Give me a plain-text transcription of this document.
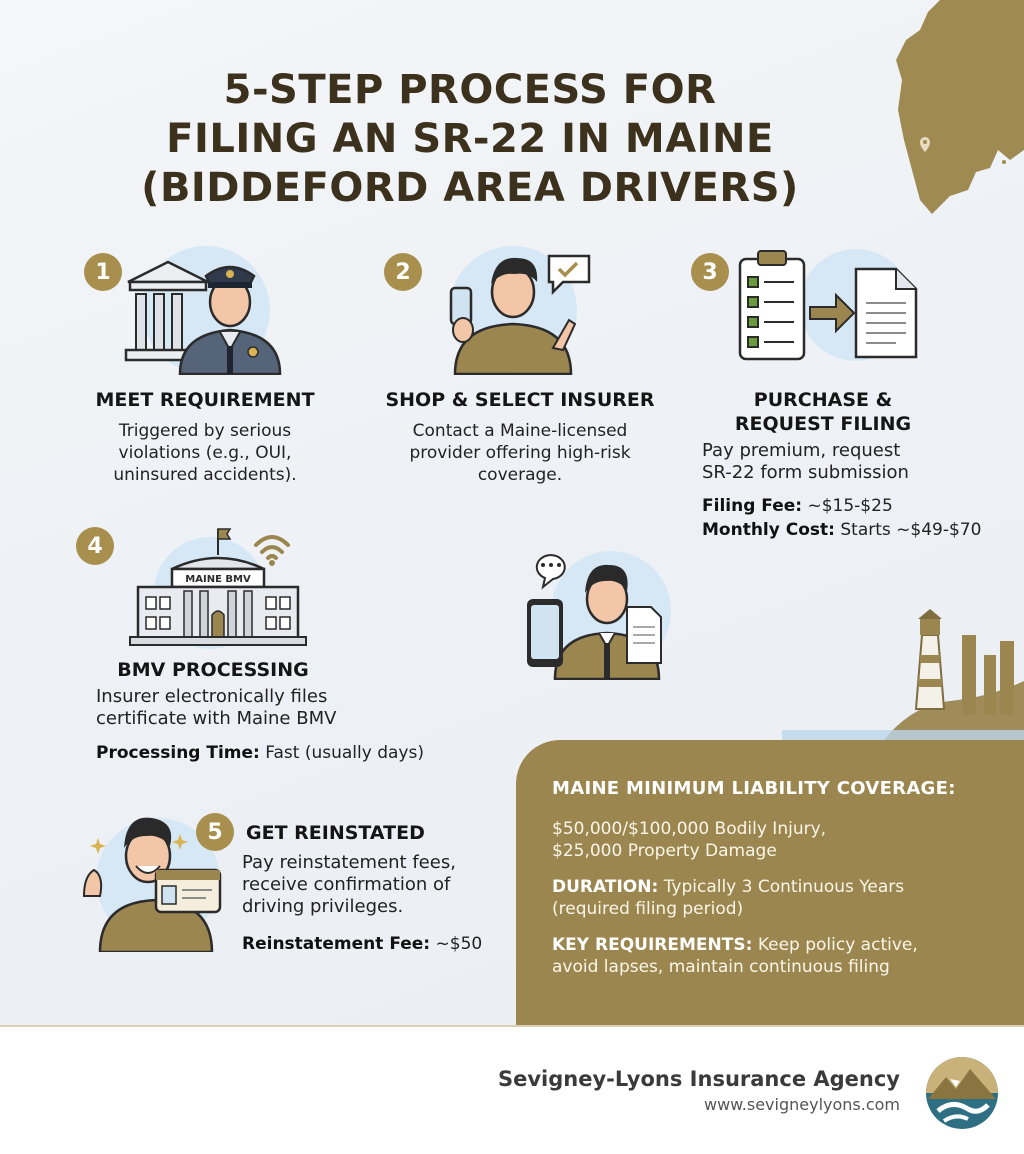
5-STEP PROCESS FOR
FILING AN SR-22 IN MAINE
(BIDDEFORD AREA DRIVERS)
1
MEET REQUIREMENT
Triggered by serious
violations (e.g., OUI,
uninsured accidents).
2
SHOP & SELECT INSURER
Contact a Maine-licensed
provider offering high-risk
coverage.
3
PURCHASE &
REQUEST FILING
Pay premium, request
SR-22 form submission
Filing Fee: ~$15-$25
Monthly Cost: Starts ~$49-$70
4
MAINE BMV
BMV PROCESSING
Insurer electronically files
certificate with Maine BMV
Processing Time: Fast (usually days)
5	GET REINSTATED
Pay reinstatement fees,
receive confirmation of
driving privileges.
Reinstatement Fee: ~$50
MAINE MINIMUM LIABILITY COVERAGE:
$50,000/$100,000 Bodily Injury,
$25,000 Property Damage
DURATION: Typically 3 Continuous Years
(required filing period)
KEY REQUIREMENTS: Keep policy active,
avoid lapses, maintain continuous filing
Sevigney-Lyons Insurance Agency
www.sevigneylyons.com
